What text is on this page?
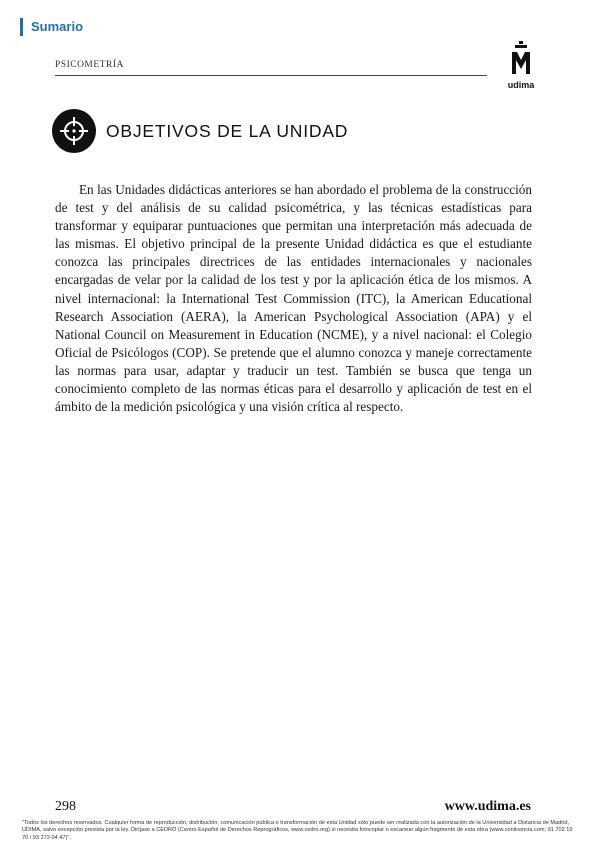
Sumario
PSICOMETRÍA
udima
OBJETIVOS DE LA UNIDAD

En las Unidades didácticas anteriores se han abordado el problema de la construcción de test y del análisis de su calidad psicométrica, y las técnicas estadísticas para transformar y equiparar puntuaciones que permitan una interpretación más adecuada de las mismas. El objetivo principal de la presente Unidad didáctica es que el estudiante conozca las principales directrices de las entidades internacionales y nacionales encargadas de velar por la calidad de los test y por la aplicación ética de los mismos. A nivel internacional: la International Test Commission (ITC), la American Educational Research Association (AERA), la American Psychological Association (APA) y el National Council on Measurement in Education (NCME), y a nivel nacional: el Colegio Oficial de Psicólogos (COP). Se pretende que el alumno conozca y maneje correctamente las normas para usar, adaptar y traducir un test. También se busca que tenga un conocimiento completo de las normas éticas para el desarrollo y aplicación de test en el ámbito de la medición psicológica y una visión crítica al respecto.

298	www.udima.es

"Todos los derechos reservados. Cualquier forma de reproducción, distribución, comunicación pública o transformación de esta Unidad sólo puede ser realizada con la autorización de la Universidad a Distancia de Madrid, UDIMA, salvo excepción prevista por la ley. Diríjase a CEDRO (Centro Español de Derechos Reprográficos, www.cedro.org) si necesita fotocopiar o escanear algún fragmento de esta obra (www.conlicencia.com; 91 702 19 70 / 93 272 04 47)".
